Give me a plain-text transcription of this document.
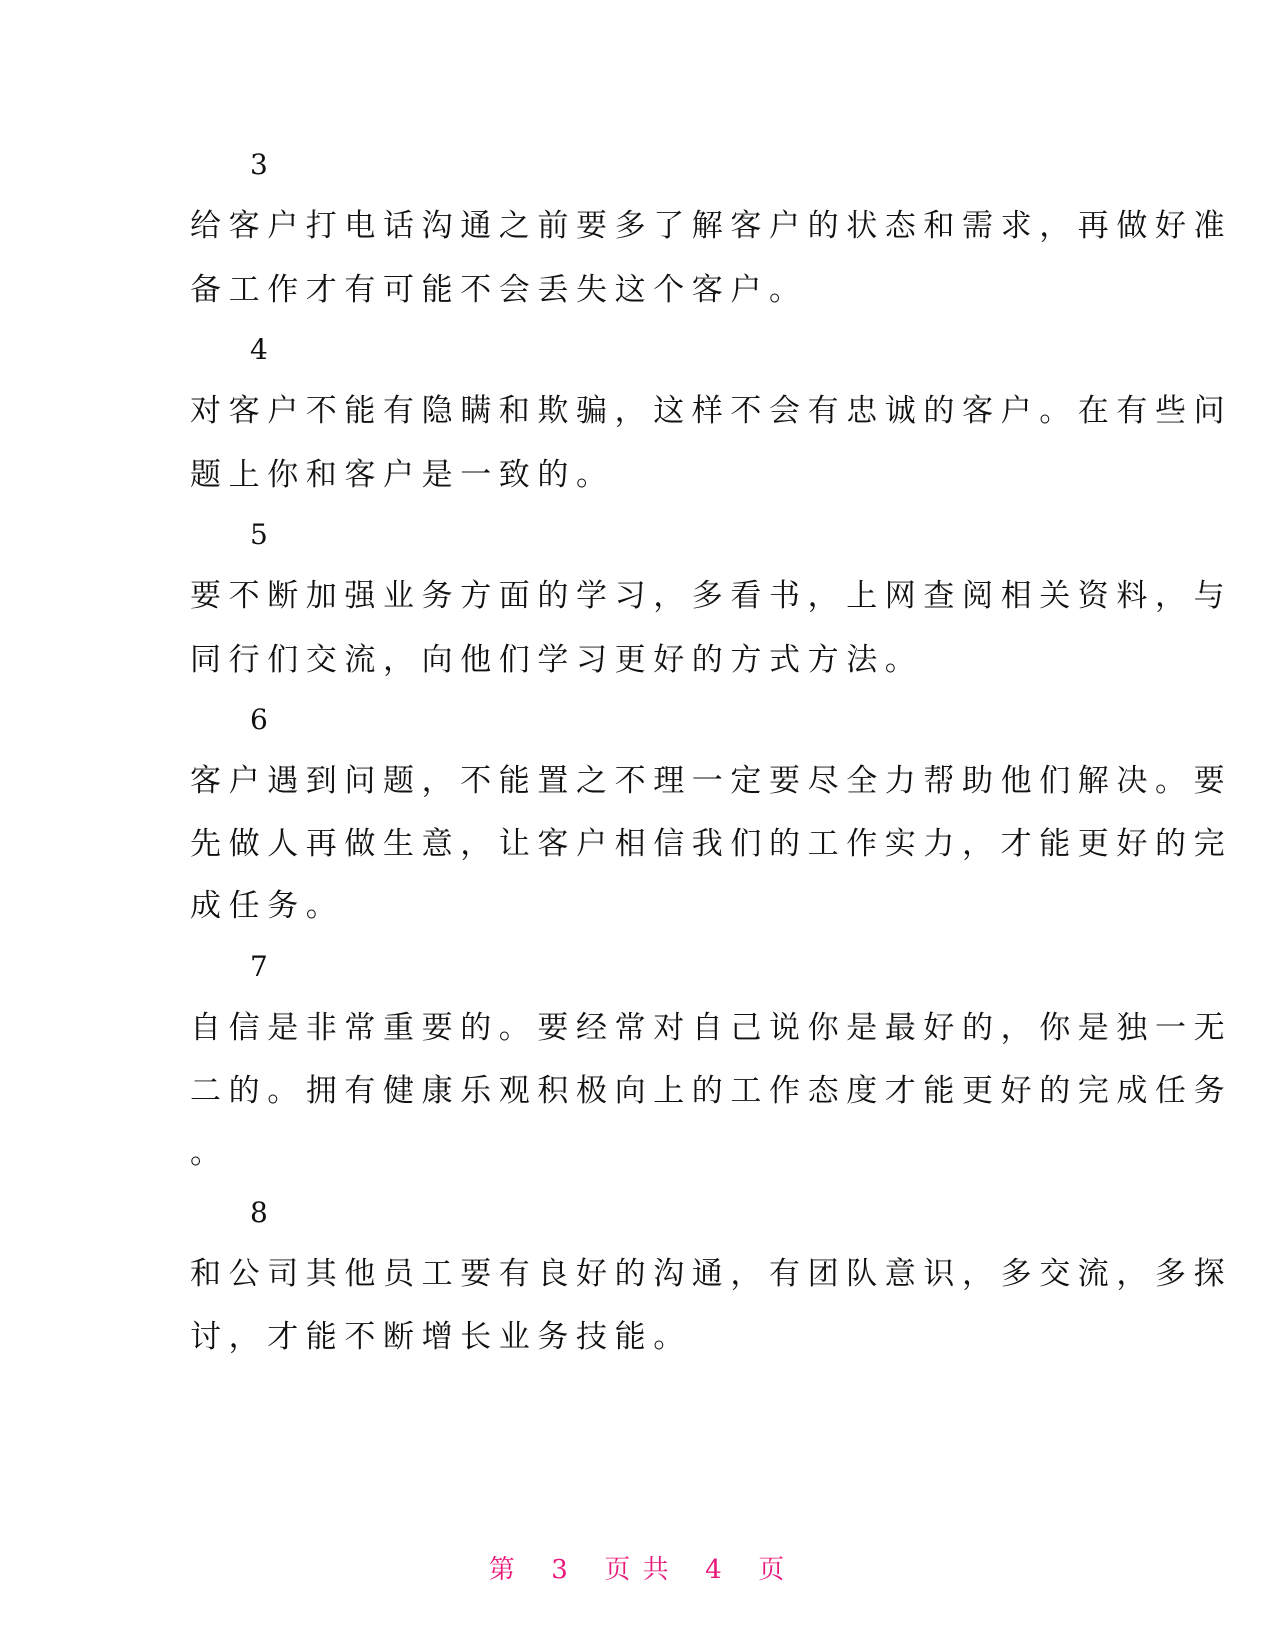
3

给客户打电话沟通之前要多了解客户的状态和需求，再做好准

备工作才有可能不会丢失这个客户。

4

对客户不能有隐瞒和欺骗，这样不会有忠诚的客户。在有些问

题上你和客户是一致的。

5

要不断加强业务方面的学习，多看书，上网查阅相关资料，与

同行们交流，向他们学习更好的方式方法。

6

客户遇到问题，不能置之不理一定要尽全力帮助他们解决。要

先做人再做生意，让客户相信我们的工作实力，才能更好的完

成任务。

7

自信是非常重要的。要经常对自己说你是最好的，你是独一无

二的。拥有健康乐观积极向上的工作态度才能更好的完成任务

。

8

和公司其他员工要有良好的沟通，有团队意识，多交流，多探

讨，才能不断增长业务技能。

第 3 页 共 4 页
